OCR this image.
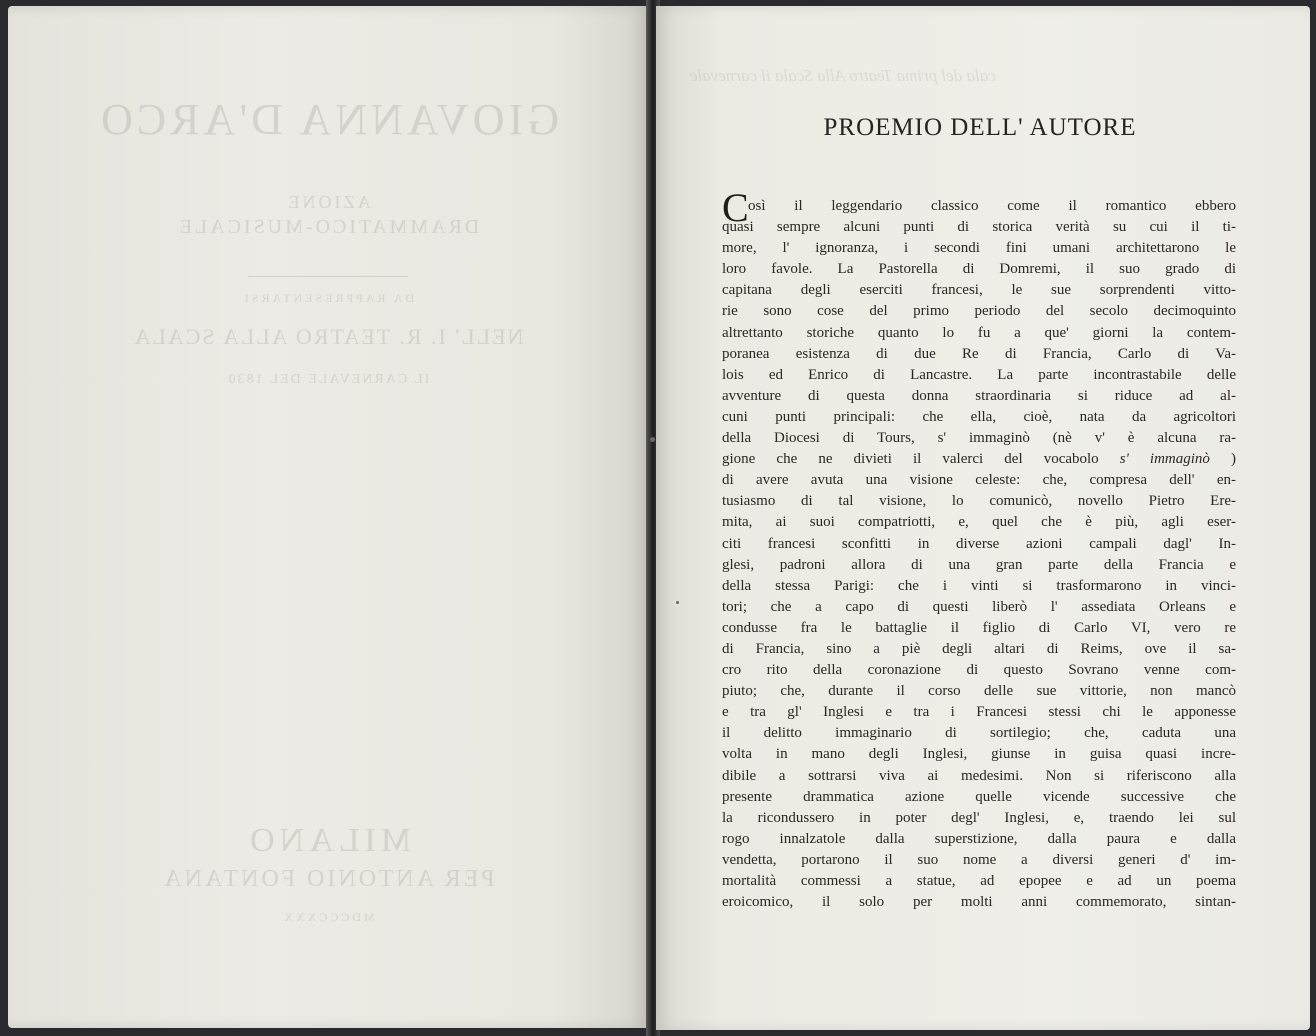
GIOVANNA D'ARCO
AZIONE
DRAMMATICO-MUSICALE
DA RAPPRESENTARSI
NELL' I. R. TEATRO ALLA SCALA
IL CARNEVALE DEL 1830
MILANO
PER ANTONIO FONTANA
MDCCCXXX
cala del prima Teatro Alla Scala il carnevale
PROEMIO DELL' AUTORE
C osì il leggendario classico come il romantico ebbero
quasi sempre alcuni punti di storica verità su cui il ti-
more, l' ignoranza, i secondi fini umani architettarono le
loro favole. La Pastorella di Domremi, il suo grado di
capitana degli eserciti francesi, le sue sorprendenti vitto-
rie sono cose del primo periodo del secolo decimoquinto
altrettanto storiche quanto lo fu a que' giorni la contem-
poranea esistenza di due Re di Francia, Carlo di Va-
lois ed Enrico di Lancastre. La parte incontrastabile delle
avventure di questa donna straordinaria si riduce ad al-
cuni punti principali: che ella, cioè, nata da agricoltori
della Diocesi di Tours, s' immaginò (nè v' è alcuna ra-
gione che ne divieti il valerci del vocabolo s' immaginò )
di avere avuta una visione celeste: che, compresa dell' en-
tusiasmo di tal visione, lo comunicò, novello Pietro Ere-
mita, ai suoi compatriotti, e, quel che è più, agli eser-
citi francesi sconfitti in diverse azioni campali dagl' In-
glesi, padroni allora di una gran parte della Francia e
della stessa Parigi: che i vinti si trasformarono in vinci-
tori; che a capo di questi liberò l' assediata Orleans e
condusse fra le battaglie il figlio di Carlo VI, vero re
di Francia, sino a piè degli altari di Reims, ove il sa-
cro rito della coronazione di questo Sovrano venne com-
piuto; che, durante il corso delle sue vittorie, non mancò
e tra gl' Inglesi e tra i Francesi stessi chi le apponesse
il delitto immaginario di sortilegio; che, caduta una
volta in mano degli Inglesi, giunse in guisa quasi incre-
dibile a sottrarsi viva ai medesimi. Non si riferiscono alla
presente drammatica azione quelle vicende successive che
la ricondussero in poter degl' Inglesi, e, traendo lei sul
rogo innalzatole dalla superstizione, dalla paura e dalla
vendetta, portarono il suo nome a diversi generi d' im-
mortalità commessi a statue, ad epopee e ad un poema
eroicomico, il solo per molti anni commemorato, sintan-
